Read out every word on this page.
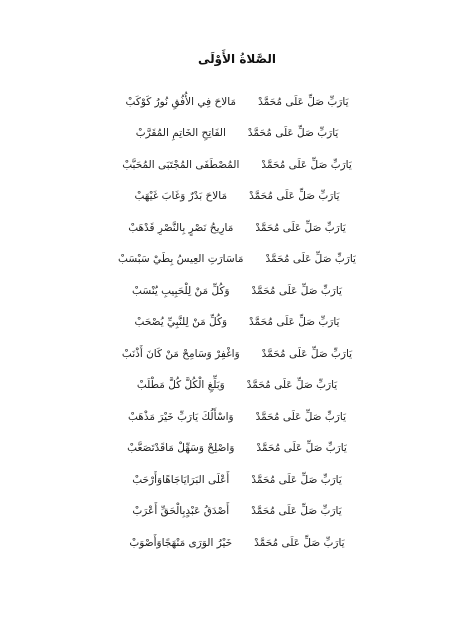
الصَّلاةُ الأَوْلَى
يَارَبِّ صَلِّ عَلَى مُحَمَّدْ
مَالاحَ فِي الأُفُقِ نُورُ كَوْكَبْ
يَارَبِّ صَلِّ عَلَى مُحَمَّدْ
الفَاتِحِ الخَاتِمِ المُقَرَّبْ
يَارَبِّ صَلِّ عَلَى مُحَمَّدْ
المُصْطَفَى المُجْتَبَى المُحَبَّبْ
يَارَبِّ صَلِّ عَلَى مُحَمَّدْ
مَالاحَ بَدْرٌ وَغَابَ غَيْهَبْ
يَارَبِّ صَلِّ عَلَى مُحَمَّدْ
مَارِيحُ نَصْرٍ بِالنَّصْرِ قَدْهَبْ
يَارَبِّ صَلِّ عَلَى مُحَمَّدْ
مَاسَارَتِ العِيسُ بِطَيْ سَبْسَبْ
يَارَبِّ صَلِّ عَلَى مُحَمَّدْ
وَكُلِّ مَنْ لِلْحَبِيبِ يُنْسَبْ
يَارَبِّ صَلِّ عَلَى مُحَمَّدْ
وَكُلِّ مَنْ لِلنَّبِيِّ يُصْحَبْ
يَارَبِّ صَلِّ عَلَى مُحَمَّدْ
وَاغْفِرْ وَسَامِحْ مَنْ كَانَ أَذْنَبْ
يَارَبِّ صَلِّ عَلَى مُحَمَّدْ
وَبَلِّغِ الْكُلَّ كُلَّ مَطْلَبْ
يَارَبِّ صَلِّ عَلَى مُحَمَّدْ
وَاسْأَلُكَ يَارَبِّ خَيْرَ مَذْهَبْ
يَارَبِّ صَلِّ عَلَى مُحَمَّدْ
وَاصْلِحْ وَسَهِّلْ مَاقَدْتَصَعَّبْ
يَارَبِّ صَلِّ عَلَى مُحَمَّدْ
أَعْلَى البَرَايَاجَاهًاوَأَرْحَبْ
يَارَبِّ صَلِّ عَلَى مُحَمَّدْ
أَصْدَقُ عَبْدٍبِالْحَقِّ أَعْرَبْ
يَارَبِّ صَلِّ عَلَى مُحَمَّدْ
خَيْرُ الوَرَى مَنْهَجًاوَأَصْوَبْ
